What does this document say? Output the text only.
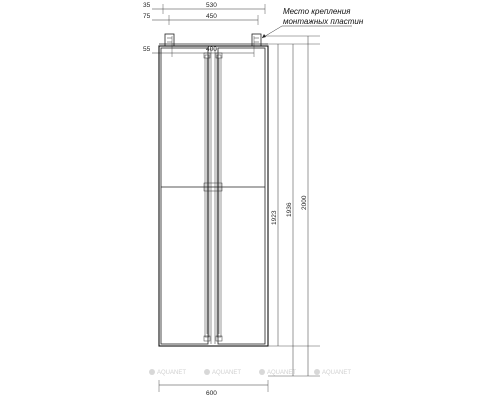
AQUANET	AQUANET	AQUANET	AQUANET
530
35
450
75
400
55
Место крепления
монтажных пластин
1923
1936 2000
600
